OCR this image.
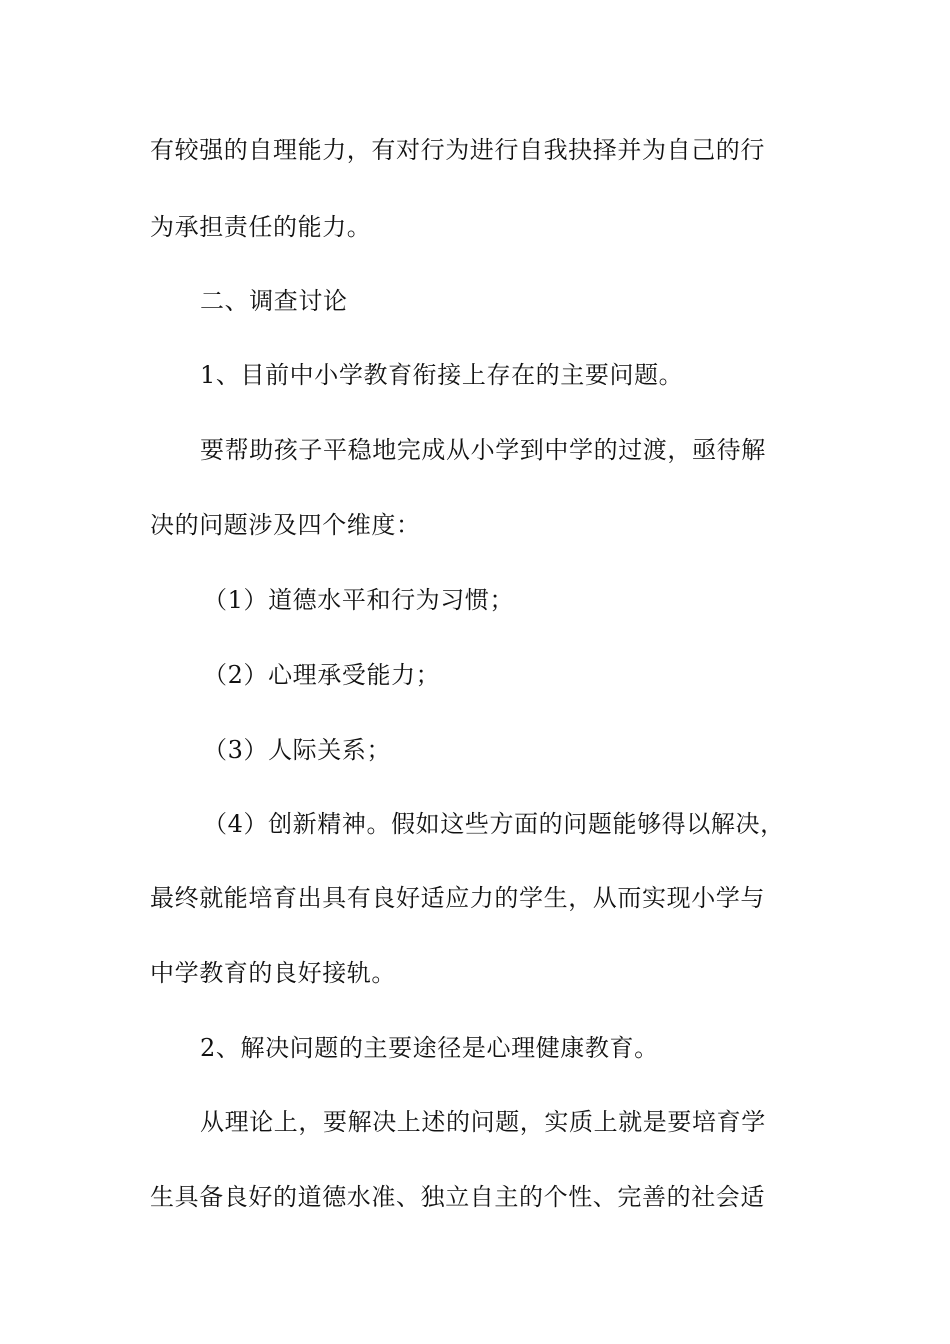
有较强的自理能力，有对行为进行自我抉择并为自己的行
为承担责任的能力。
二、调查讨论
1、目前中小学教育衔接上存在的主要问题。
要帮助孩子平稳地完成从小学到中学的过渡，亟待解
决的问题涉及四个维度：
（1）道德水平和行为习惯；
（2）心理承受能力；
（3）人际关系；
（4）创新精神。假如这些方面的问题能够得以解决，
最终就能培育出具有良好适应力的学生，从而实现小学与
中学教育的良好接轨。
2、解决问题的主要途径是心理健康教育。
从理论上，要解决上述的问题，实质上就是要培育学
生具备良好的道德水准、独立自主的个性、完善的社会适
